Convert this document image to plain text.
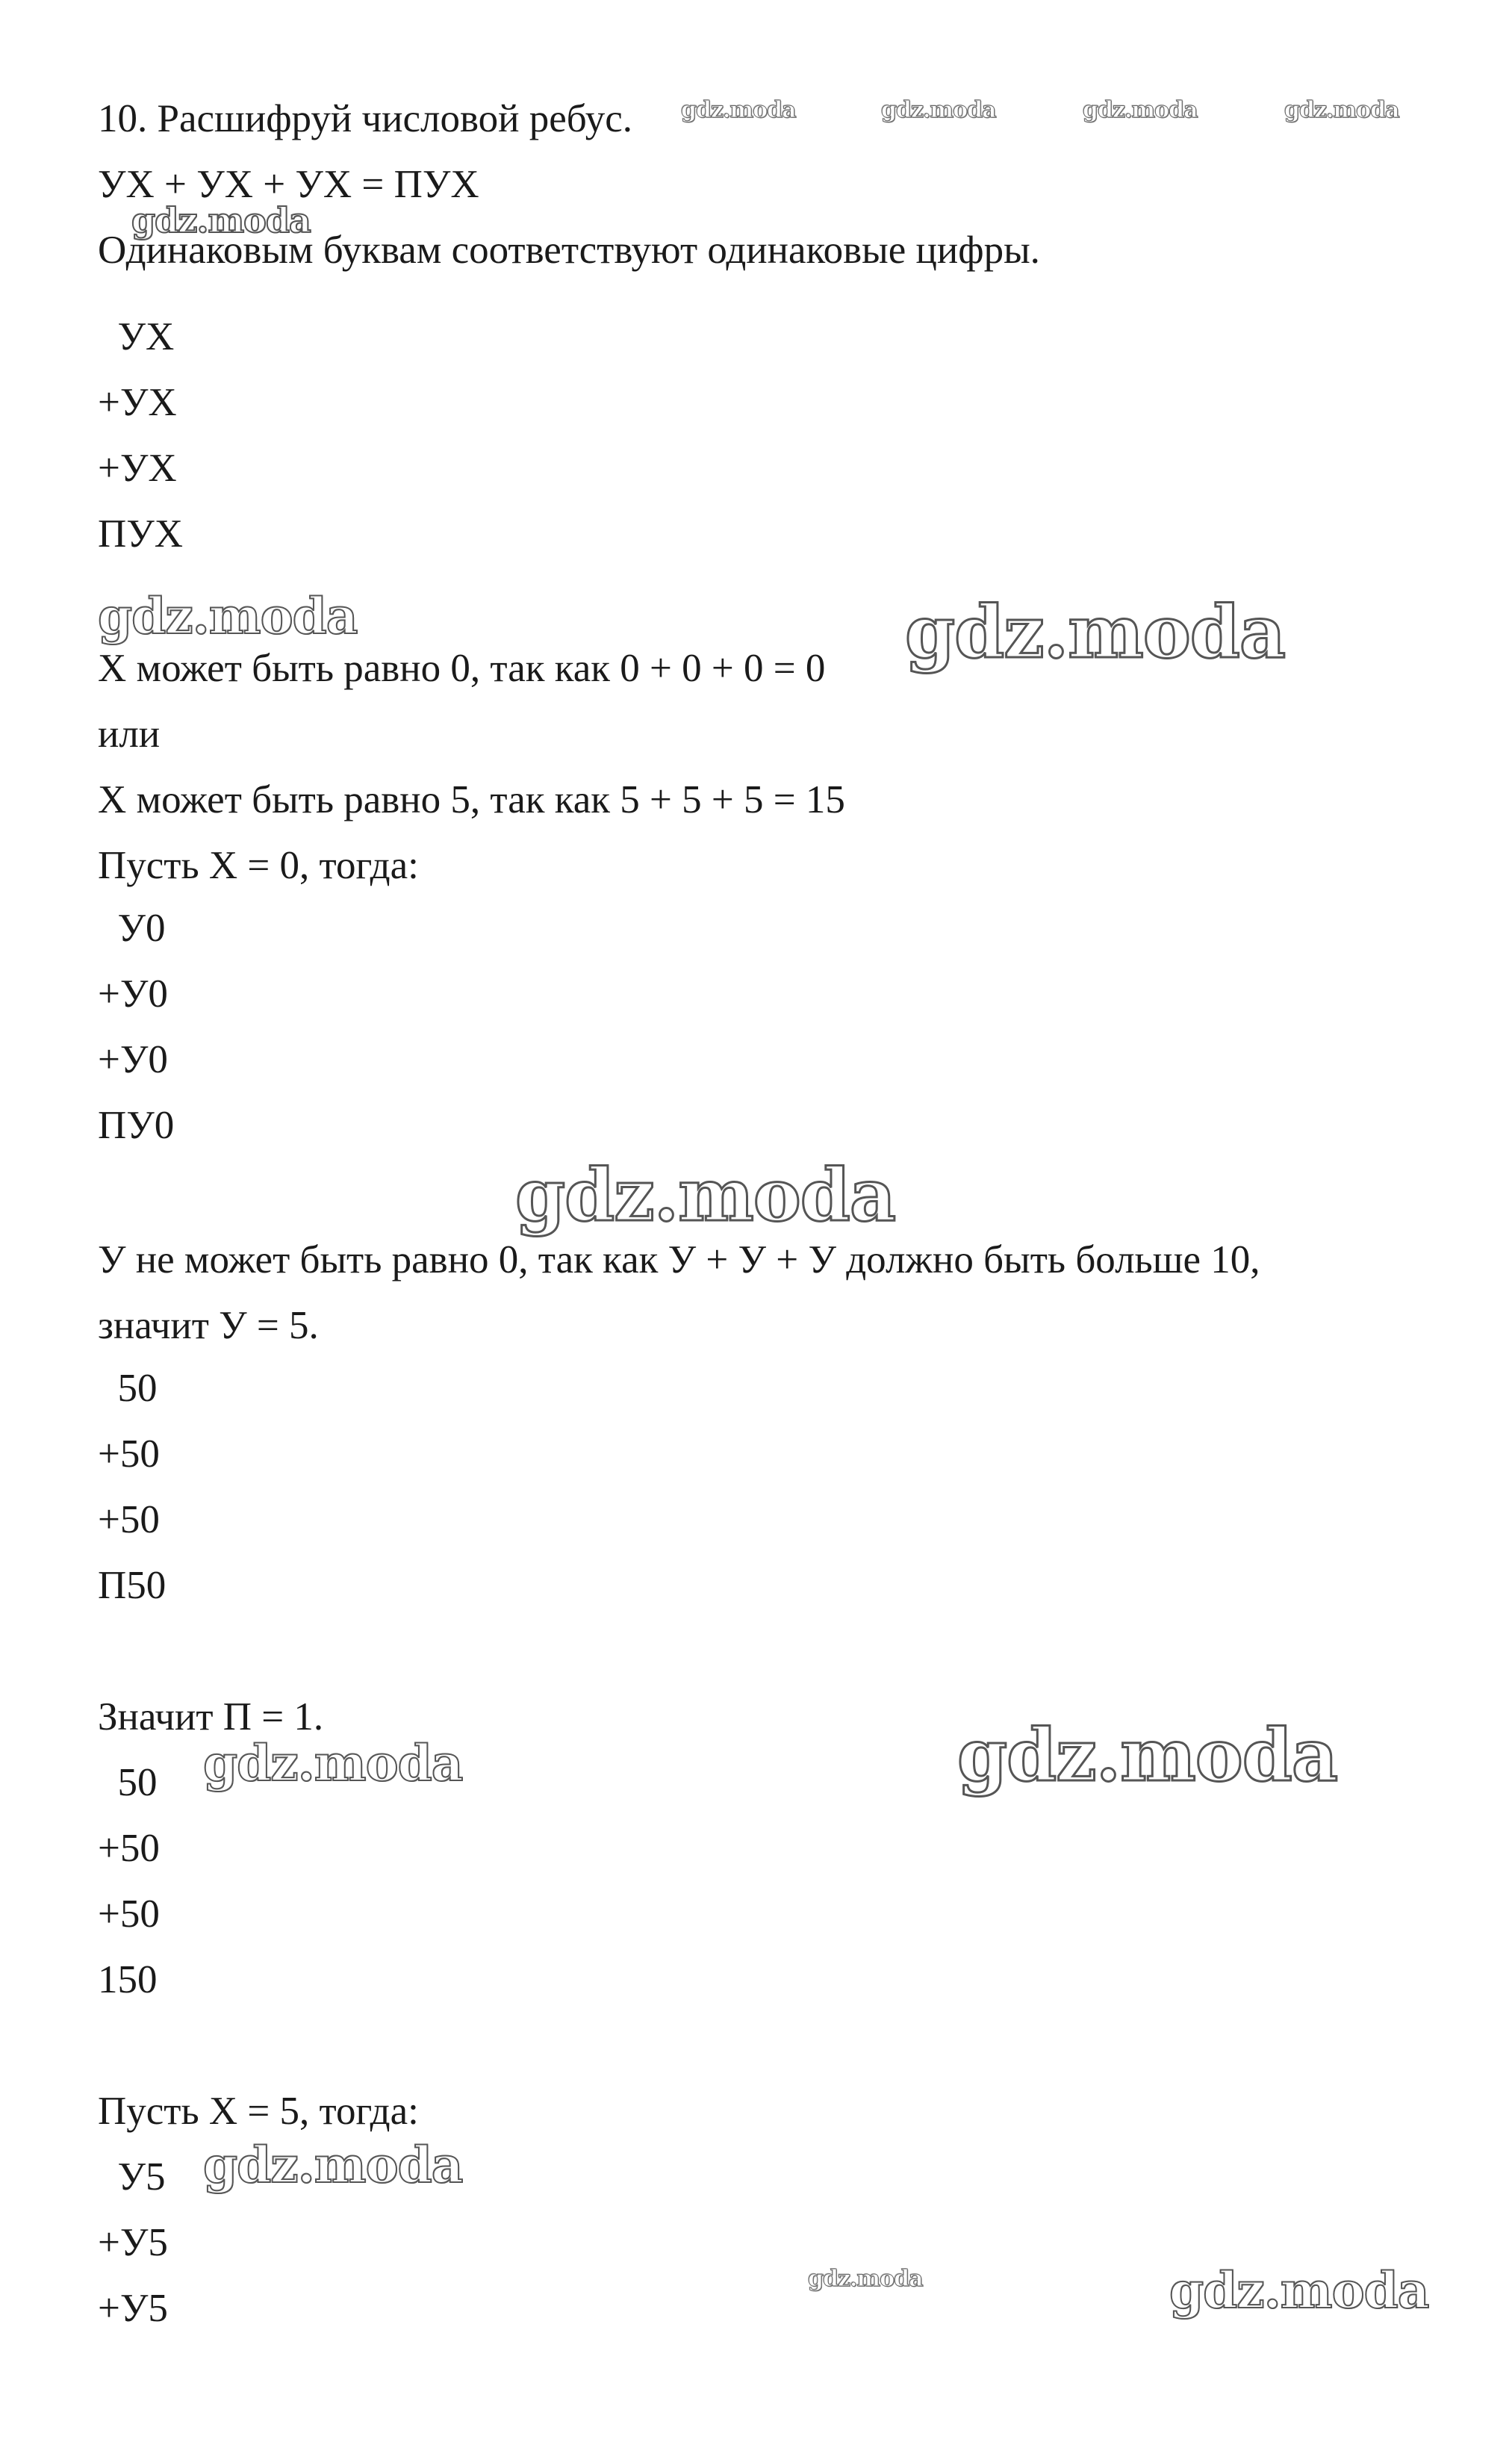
10. Расшифруй числовой ребус.
УХ + УХ + УХ = ПУХ
Одинаковым буквам соответствуют одинаковые цифры.
УХ
+УХ
+УХ
ПУХ
Х может быть равно 0, так как 0 + 0 + 0 = 0
или
Х может быть равно 5, так как 5 + 5 + 5 = 15
Пусть Х = 0, тогда:
У0
+У0
+У0
ПУ0
У не может быть равно 0, так как У + У + У должно быть больше 10,
значит У = 5.
50
+50
+50
П50
Значит П = 1.
50
+50
+50
150
Пусть Х = 5, тогда:
У5
+У5
+У5
gdz.moda	gdz.moda	gdz.moda	gdz.moda
gdz.moda
gdz.moda	gdz.moda
gdz.moda
gdz.moda	gdz.moda
gdz.moda
gdz.moda	gdz.moda
